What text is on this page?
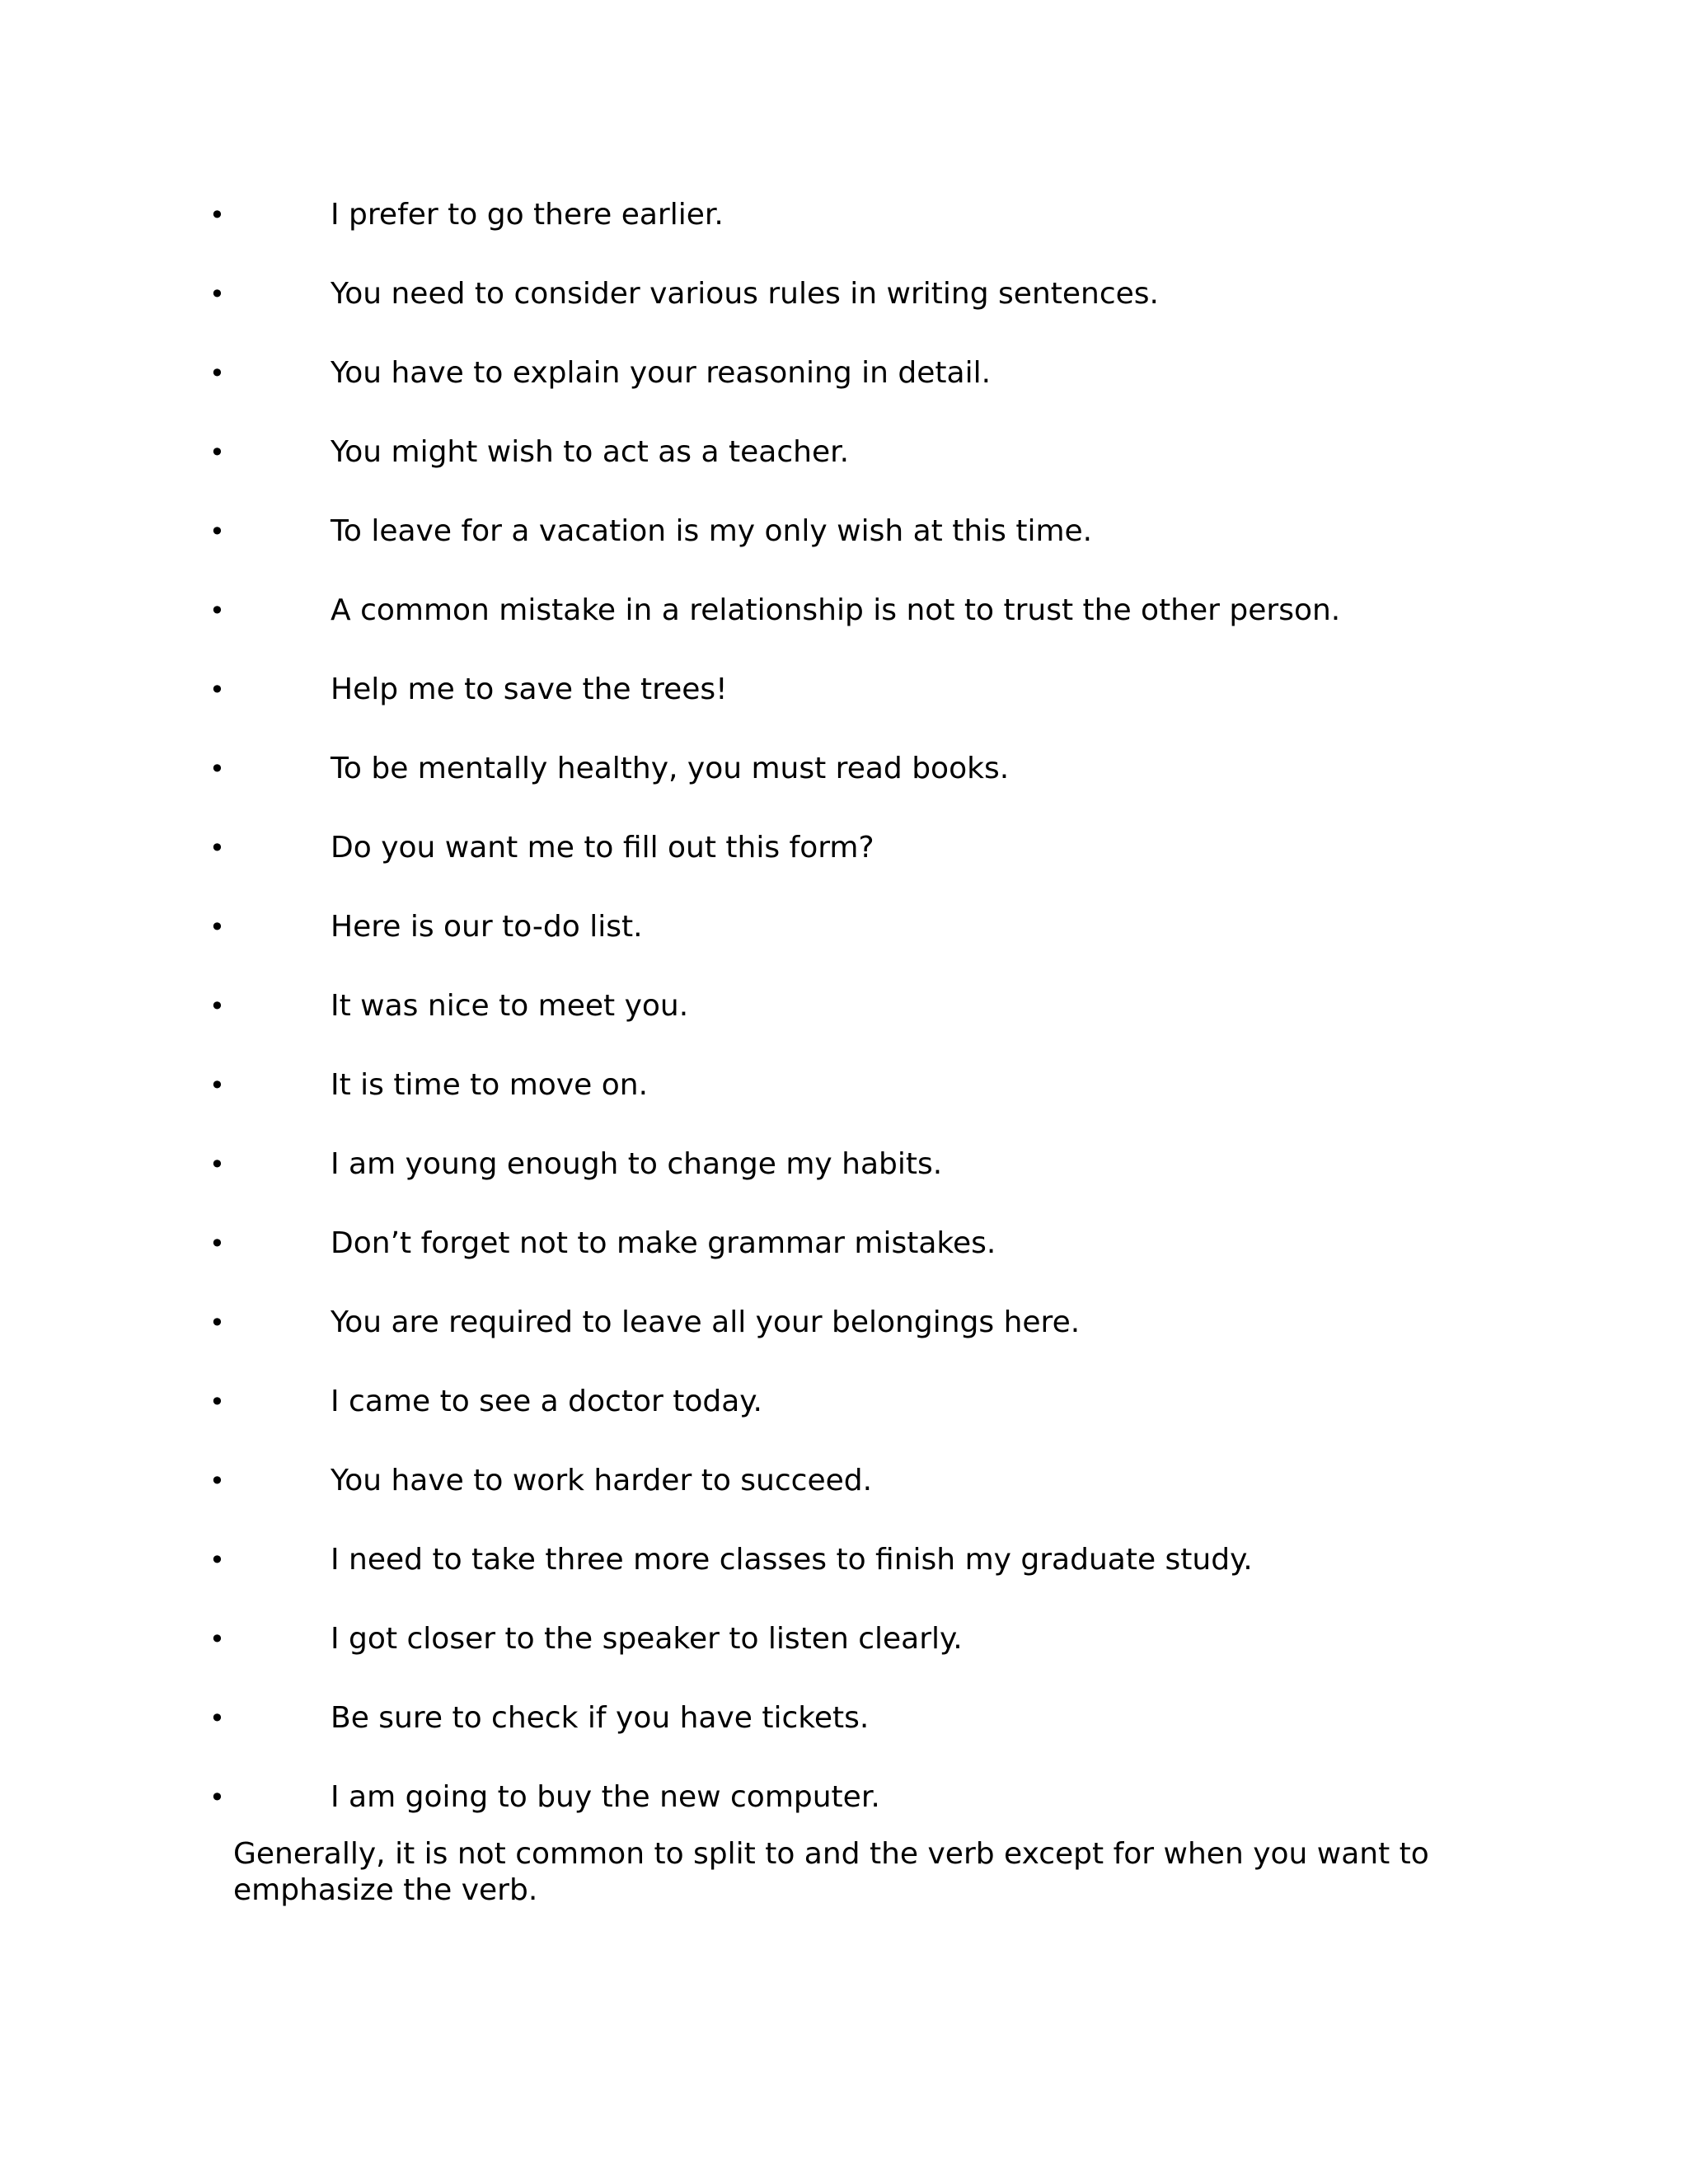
•	I prefer to go there earlier.
•	You need to consider various rules in writing sentences.
•	You have to explain your reasoning in detail.
•	You might wish to act as a teacher.
•	To leave for a vacation is my only wish at this time.
•	A common mistake in a relationship is not to trust the other person.
•	Help me to save the trees!
•	To be mentally healthy, you must read books.
•	Do you want me to fill out this form?
•	Here is our to-do list.
•	It was nice to meet you.
•	It is time to move on.
•	I am young enough to change my habits.
•	Don’t forget not to make grammar mistakes.
•	You are required to leave all your belongings here.
•	I came to see a doctor today.
•	You have to work harder to succeed.
•	I need to take three more classes to finish my graduate study.
•	I got closer to the speaker to listen clearly.
•	Be sure to check if you have tickets.
•	I am going to buy the new computer.

Generally, it is not common to split to and the verb except for when you want to emphasize the verb.
